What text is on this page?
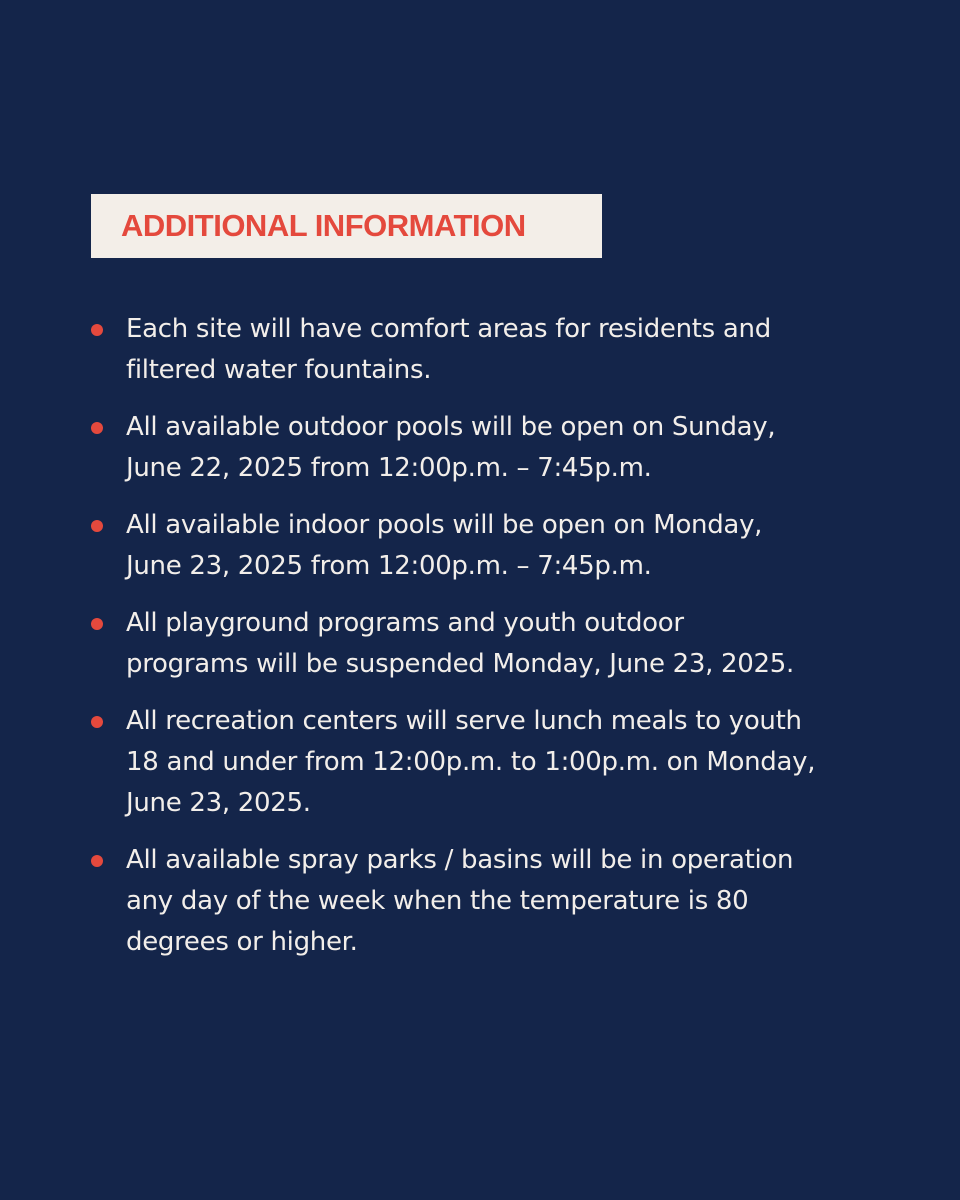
ADDITIONAL INFORMATION
Each site will have comfort areas for residents and
filtered water fountains.
All available outdoor pools will be open on Sunday,
June 22, 2025 from 12:00p.m. – 7:45p.m.
All available indoor pools will be open on Monday,
June 23, 2025 from 12:00p.m. – 7:45p.m.
All playground programs and youth outdoor
programs will be suspended Monday, June 23, 2025.
All recreation centers will serve lunch meals to youth
18 and under from 12:00p.m. to 1:00p.m. on Monday,
June 23, 2025.
All available spray parks / basins will be in operation
any day of the week when the temperature is 80
degrees or higher.
